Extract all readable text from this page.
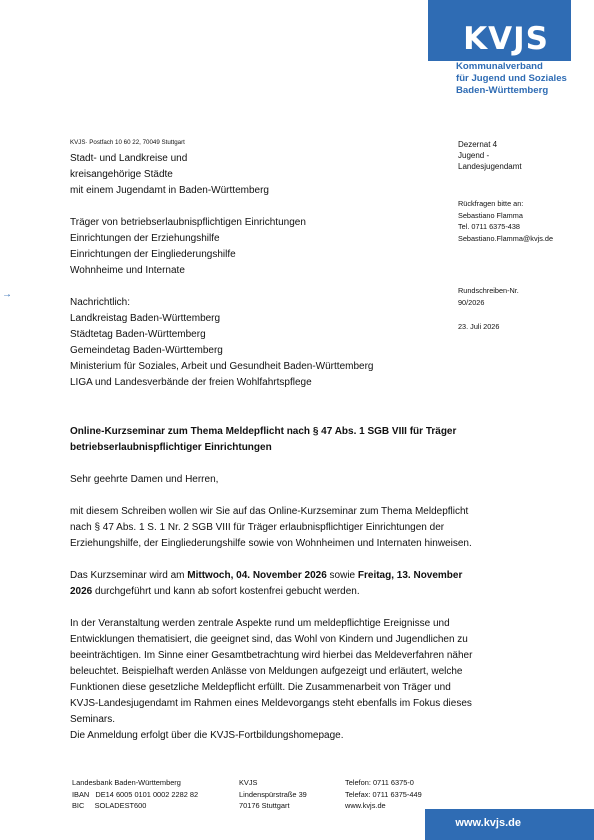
KVJS
Kommunalverband
für Jugend und Soziales
Baden-Württemberg
KVJS· Postfach 10 60 22, 70049 Stuttgart
Stadt- und Landkreise und
kreisangehörige Städte
mit einem Jugendamt in Baden-Württemberg

Träger von betriebserlaubnispflichtigen Einrichtungen
Einrichtungen der Erziehungshilfe
Einrichtungen der Eingliederungshilfe
Wohnheime und Internate
→
Nachrichtlich:
Landkreistag Baden-Württemberg
Städtetag Baden-Württemberg
Gemeindetag Baden-Württemberg
Ministerium für Soziales, Arbeit und Gesundheit Baden-Württemberg
LIGA und Landesverbände der freien Wohlfahrtspflege
Dezernat 4
Jugend -
Landesjugendamt
Rückfragen bitte an:
Sebastiano Flamma
Tel. 0711 6375-438
Sebastiano.Flamma@kvjs.de
Rundschreiben-Nr.
90/2026
23. Juli 2026
Online-Kurzseminar zum Thema Meldepflicht nach § 47 Abs. 1 SGB VIII für Träger
betriebserlaubnispflichtiger Einrichtungen
Sehr geehrte Damen und Herren,
mit diesem Schreiben wollen wir Sie auf das Online-Kurzseminar zum Thema Meldepflicht
nach § 47 Abs. 1 S. 1 Nr. 2 SGB VIII für Träger erlaubnispflichtiger Einrichtungen der
Erziehungshilfe, der Eingliederungshilfe sowie von Wohnheimen und Internaten hinweisen.
Das Kurzseminar wird am Mittwoch, 04. November 2026 sowie Freitag, 13. November
2026 durchgeführt und kann ab sofort kostenfrei gebucht werden.
In der Veranstaltung werden zentrale Aspekte rund um meldepflichtige Ereignisse und
Entwicklungen thematisiert, die geeignet sind, das Wohl von Kindern und Jugendlichen zu
beeinträchtigen. Im Sinne einer Gesamtbetrachtung wird hierbei das Meldeverfahren näher
beleuchtet. Beispielhaft werden Anlässe von Meldungen aufgezeigt und erläutert, welche
Funktionen diese gesetzliche Meldepflicht erfüllt. Die Zusammenarbeit von Träger und
KVJS-Landesjugendamt im Rahmen eines Meldevorgangs steht ebenfalls im Fokus dieses
Seminars.
Die Anmeldung erfolgt über die KVJS-Fortbildungshomepage.
Landesbank Baden-Württemberg
IBAN   DE14 6005 0101 0002 2282 82
BIC     SOLADEST600
KVJS
Lindenspürstraße 39
70176 Stuttgart
Telefon: 0711 6375-0
Telefax: 0711 6375-449
www.kvjs.de
www.kvjs.de
